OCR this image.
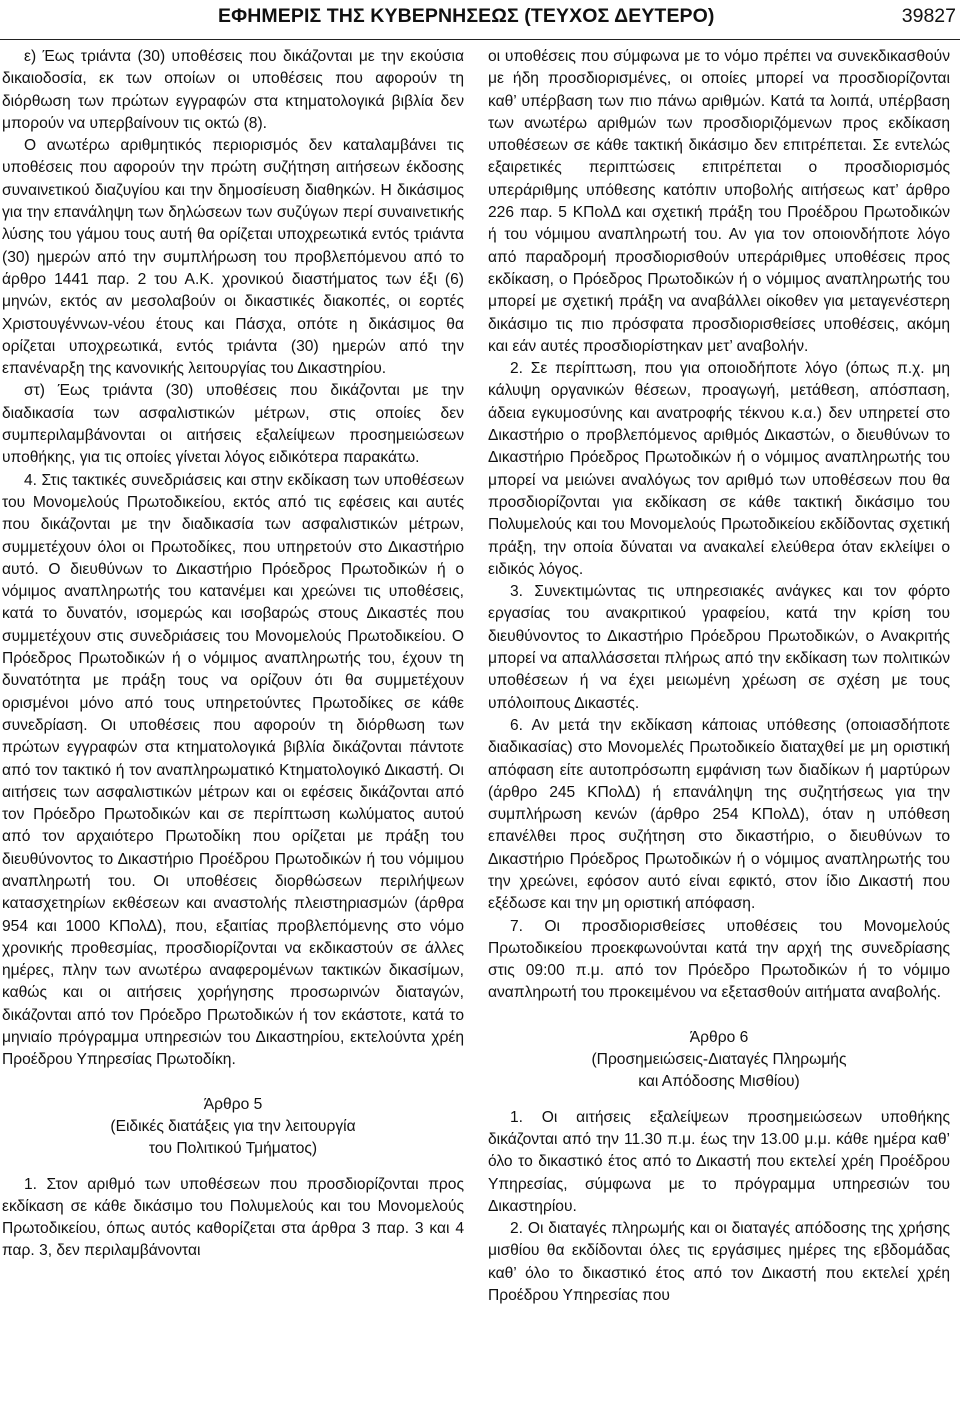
ΕΦΗΜΕΡΙΣ ΤΗΣ ΚΥΒΕΡΝΗΣΕΩΣ (ΤΕΥΧΟΣ ΔΕΥΤΕΡΟ)	39827

ε) Έως τριάντα (30) υποθέσεις που δικάζονται με την εκούσια δικαιοδοσία, εκ των οποίων οι υποθέσεις που αφορούν τη διόρθωση των πρώτων εγγραφών στα κτηματολογικά βιβλία δεν μπορούν να υπερβαίνουν τις οκτώ (8).

Ο ανωτέρω αριθμητικός περιορισμός δεν καταλαμβάνει τις υποθέσεις που αφορούν την πρώτη συζήτηση αιτήσεων έκδοσης συναινετικού διαζυγίου και την δημοσίευση διαθηκών. Η δικάσιμος για την επανάληψη των δηλώσεων των συζύγων περί συναινετικής λύσης του γάμου τους αυτή θα ορίζεται υποχρεωτικά εντός τριάντα (30) ημερών από την συμπλήρωση του προβλεπόμενου από το άρθρο 1441 παρ. 2 του Α.Κ. χρονικού διαστήματος των έξι (6) μηνών, εκτός αν μεσολαβούν οι δικαστικές διακοπές, οι εορτές Χριστουγέννων-νέου έτους και Πάσχα, οπότε η δικάσιμος θα ορίζεται υποχρεωτικά, εντός τριάντα (30) ημερών από την επανέναρξη της κανονικής λειτουργίας του Δικαστηρίου.

στ) Έως τριάντα (30) υποθέσεις που δικάζονται με την διαδικασία των ασφαλιστικών μέτρων, στις οποίες δεν συμπεριλαμβάνονται οι αιτήσεις εξαλείψεων προσημειώσεων υποθήκης, για τις οποίες γίνεται λόγος ειδικότερα παρακάτω.

4. Στις τακτικές συνεδριάσεις και στην εκδίκαση των υποθέσεων του Μονομελούς Πρωτοδικείου, εκτός από τις εφέσεις και αυτές που δικάζονται με την διαδικασία των ασφαλιστικών μέτρων, συμμετέχουν όλοι οι Πρωτοδίκες, που υπηρετούν στο Δικαστήριο αυτό. Ο διευθύνων το Δικαστήριο Πρόεδρος Πρωτοδικών ή ο νόμιμος αναπληρωτής του κατανέμει και χρεώνει τις υποθέσεις, κατά το δυνατόν, ισομερώς και ισοβαρώς στους Δικαστές που συμμετέχουν στις συνεδριάσεις του Μονομελούς Πρωτοδικείου. Ο Πρόεδρος Πρωτοδικών ή ο νόμιμος αναπληρωτής του, έχουν τη δυνατότητα με πράξη τους να ορίζουν ότι θα συμμετέχουν ορισμένοι μόνο από τους υπηρετούντες Πρωτοδίκες σε κάθε συνεδρίαση. Οι υποθέσεις που αφορούν τη διόρθωση των πρώτων εγγραφών στα κτηματολογικά βιβλία δικάζονται πάντοτε από τον τακτικό ή τον αναπληρωματικό Κτηματολογικό Δικαστή. Οι αιτήσεις των ασφαλιστικών μέτρων και οι εφέσεις δικάζονται από τον Πρόεδρο Πρωτοδικών και σε περίπτωση κωλύματος αυτού από τον αρχαιότερο Πρωτοδίκη που ορίζεται με πράξη του διευθύνοντος το Δικαστήριο Προέδρου Πρωτοδικών ή του νόμιμου αναπληρωτή του. Οι υποθέσεις διορθώσεων περιλήψεων κατασχετηρίων εκθέσεων και αναστολής πλειστηριασμών (άρθρα 954 και 1000 ΚΠολΔ), που, εξαιτίας προβλεπόμενης στο νόμο χρονικής προθεσμίας, προσδιορίζονται να εκδικαστούν σε άλλες ημέρες, πλην των ανωτέρω αναφερομένων τακτικών δικασίμων, καθώς και οι αιτήσεις χορήγησης προσωρινών διαταγών, δικάζονται από τον Πρόεδρο Πρωτοδικών ή τον εκάστοτε, κατά το μηνιαίο πρόγραμμα υπηρεσιών του Δικαστηρίου, εκτελούντα χρέη Προέδρου Υπηρεσίας Πρωτοδίκη.

Άρθρο 5
(Ειδικές διατάξεις για την λειτουργία
του Πολιτικού Τμήματος)

1. Στον αριθμό των υποθέσεων που προσδιορίζονται προς εκδίκαση σε κάθε δικάσιμο του Πολυμελούς και του Μονομελούς Πρωτοδικείου, όπως αυτός καθορίζεται στα άρθρα 3 παρ. 3 και 4 παρ. 3, δεν περιλαμβάνονται

οι υποθέσεις που σύμφωνα με το νόμο πρέπει να συνεκδικασθούν με ήδη προσδιορισμένες, οι οποίες μπορεί να προσδιορίζονται καθ’ υπέρβαση των πιο πάνω αριθμών. Κατά τα λοιπά, υπέρβαση των ανωτέρω αριθμών των προσδιοριζόμενων προς εκδίκαση υποθέσεων σε κάθε τακτική δικάσιμο δεν επιτρέπεται. Σε εντελώς εξαιρετικές περιπτώσεις επιτρέπεται ο προσδιορισμός υπεράριθμης υπόθεσης κατόπιν υποβολής αιτήσεως κατ’ άρθρο 226 παρ. 5 ΚΠολΔ και σχετική πράξη του Προέδρου Πρωτοδικών ή του νόμιμου αναπληρωτή του. Αν για τον οποιονδήποτε λόγο από παραδρομή προσδιορισθούν υπεράριθμες υποθέσεις προς εκδίκαση, ο Πρόεδρος Πρωτοδικών ή ο νόμιμος αναπληρωτής του μπορεί με σχετική πράξη να αναβάλλει οίκοθεν για μεταγενέστερη δικάσιμο τις πιο πρόσφατα προσδιορισθείσες υποθέσεις, ακόμη και εάν αυτές προσδιορίστηκαν μετ’ αναβολήν.

2. Σε περίπτωση, που για οποιοδήποτε λόγο (όπως π.χ. μη κάλυψη οργανικών θέσεων, προαγωγή, μετάθεση, απόσπαση, άδεια εγκυμοσύνης και ανατροφής τέκνου κ.α.) δεν υπηρετεί στο Δικαστήριο ο προβλεπόμενος αριθμός Δικαστών, ο διευθύνων το Δικαστήριο Πρόεδρος Πρωτοδικών ή ο νόμιμος αναπληρωτής του μπορεί να μειώνει αναλόγως τον αριθμό των υποθέσεων που θα προσδιορίζονται για εκδίκαση σε κάθε τακτική δικάσιμο του Πολυμελούς και του Μονομελούς Πρωτοδικείου εκδίδοντας σχετική πράξη, την οποία δύναται να ανακαλεί ελεύθερα όταν εκλείψει ο ειδικός λόγος.

3. Συνεκτιμώντας τις υπηρεσιακές ανάγκες και τον φόρτο εργασίας του ανακριτικού γραφείου, κατά την κρίση του διευθύνοντος το Δικαστήριο Πρόεδρου Πρωτοδικών, ο Ανακριτής μπορεί να απαλλάσσεται πλήρως από την εκδίκαση των πολιτικών υποθέσεων ή να έχει μειωμένη χρέωση σε σχέση με τους υπόλοιπους Δικαστές.

6. Αν μετά την εκδίκαση κάποιας υπόθεσης (οποιασδήποτε διαδικασίας) στο Μονομελές Πρωτοδικείο διαταχθεί με μη οριστική απόφαση είτε αυτοπρόσωπη εμφάνιση των διαδίκων ή μαρτύρων (άρθρο 245 ΚΠολΔ) ή επανάληψη της συζητήσεως για την συμπλήρωση κενών (άρθρο 254 ΚΠολΔ), όταν η υπόθεση επανέλθει προς συζήτηση στο δικαστήριο, ο διευθύνων το Δικαστήριο Πρόεδρος Πρωτοδικών ή ο νόμιμος αναπληρωτής του την χρεώνει, εφόσον αυτό είναι εφικτό, στον ίδιο Δικαστή που εξέδωσε και την μη οριστική απόφαση.

7. Οι προσδιορισθείσες υποθέσεις του Μονομελούς Πρωτοδικείου προεκφωνούνται κατά την αρχή της συνεδρίασης στις 09:00 π.μ. από τον Πρόεδρο Πρωτοδικών ή το νόμιμο αναπληρωτή του προκειμένου να εξετασθούν αιτήματα αναβολής.

Άρθρο 6
(Προσημειώσεις-Διαταγές Πληρωμής
και Απόδοσης Μισθίου)

1. Οι αιτήσεις εξαλείψεων προσημειώσεων υποθήκης δικάζονται από την 11.30 π.μ. έως την 13.00 μ.μ. κάθε ημέρα καθ’ όλο το δικαστικό έτος από το Δικαστή που εκτελεί χρέη Προέδρου Υπηρεσίας, σύμφωνα με το πρόγραμμα υπηρεσιών του Δικαστηρίου.

2. Οι διαταγές πληρωμής και οι διαταγές απόδοσης της χρήσης μισθίου θα εκδίδονται όλες τις εργάσιμες ημέρες της εβδομάδας καθ’ όλο το δικαστικό έτος από τον Δικαστή που εκτελεί χρέη Προέδρου Υπηρεσίας που
